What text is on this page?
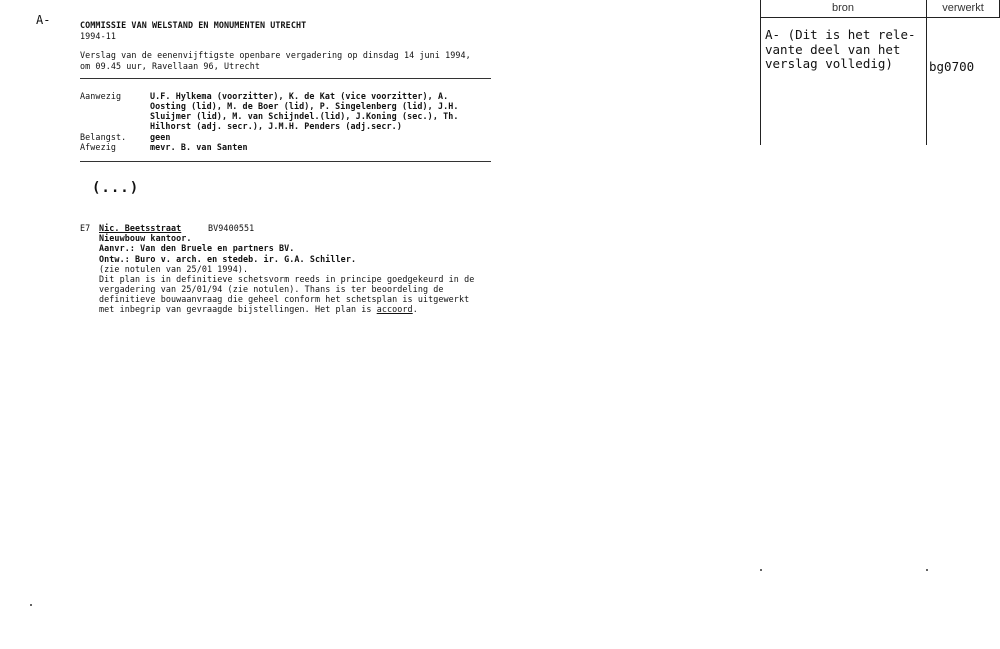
A-	COMMISSIE VAN WELSTAND EN MONUMENTEN UTRECHT
1994-11
Verslag van de eenenvijftigste openbare vergadering op dinsdag 14 juni 1994,
om 09.45 uur, Ravellaan 96, Utrecht
Aanwezig	U.F. Hylkema (voorzitter), K. de Kat (vice voorzitter), A.
Oosting (lid), M. de Boer (lid), P. Singelenberg (lid), J.H.
Sluijmer (lid), M. van Schijndel.(lid), J.Koning (sec.), Th.
Hilhorst (adj. secr.), J.M.H. Penders (adj.secr.)
Belangst.	geen
Afwezig	mevr. B. van Santen
(...)
E7 Nic. Beetsstraat	BV9400551
Nieuwbouw kantoor.
Aanvr.: Van den Bruele en partners BV.
Ontw.: Buro v. arch. en stedeb. ir. G.A. Schiller.
(zie notulen van 25/01 1994).
Dit plan is in definitieve schetsvorm reeds in principe goedgekeurd in de
vergadering van 25/01/94 (zie notulen). Thans is ter beoordeling de
definitieve bouwaanvraag die geheel conform het schetsplan is uitgewerkt
met inbegrip van gevraagde bijstellingen. Het plan is accoord.
bron	verwerkt
A- (Dit is het rele-
vante deel van het
verslag volledig)	bg0700
